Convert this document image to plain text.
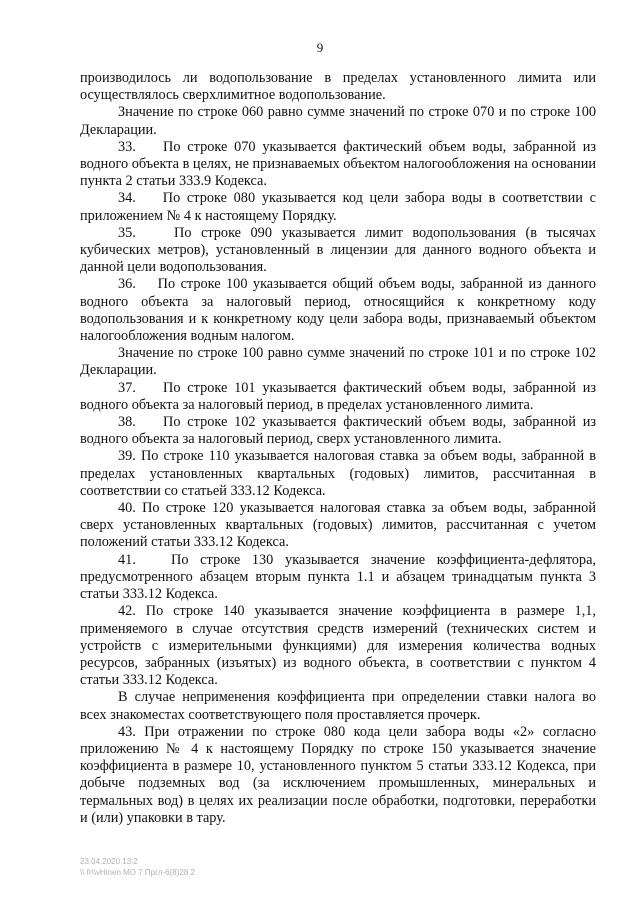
9

производилось ли водопользование в пределах установленного лимита или осуществлялось сверхлимитное водопользование.

Значение по строке 060 равно сумме значений по строке 070 и по строке 100 Декларации.

33.    По строке 070 указывается фактический объем воды, забранной из водного объекта в целях, не признаваемых объектом налогообложения на основании пункта 2 статьи 333.9 Кодекса.

34.    По строке 080 указывается код цели забора воды в соответствии с приложением № 4 к настоящему Порядку.

35.    По строке 090 указывается лимит водопользования (в тысячах кубических метров), установленный в лицензии для данного водного объекта и данной цели водопользования.

36.    По строке 100 указывается общий объем воды, забранной из данного водного объекта за налоговый период, относящийся к конкретному коду водопользования и к конкретному коду цели забора воды, признаваемый объектом налогообложения водным налогом.

Значение по строке 100 равно сумме значений по строке 101 и по строке 102 Декларации.

37.    По строке 101 указывается фактический объем воды, забранной из водного объекта за налоговый период, в пределах установленного лимита.

38.    По строке 102 указывается фактический объем воды, забранной из водного объекта за налоговый период, сверх установленного лимита.

39. По строке 110 указывается налоговая ставка за объем воды, забранной в пределах установленных квартальных (годовых) лимитов, рассчитанная в соответствии со статьей 333.12 Кодекса.

40. По строке 120 указывается налоговая ставка за объем воды, забранной сверх установленных квартальных (годовых) лимитов, рассчитанная с учетом положений статьи 333.12 Кодекса.

41.   По строке 130 указывается значение коэффициента-дефлятора, предусмотренного абзацем вторым пункта 1.1 и абзацем тринадцатым пункта 3 статьи 333.12 Кодекса.

42. По строке 140 указывается значение коэффициента в размере 1,1, применяемого в случае отсутствия средств измерений (технических систем и устройств с измерительными функциями) для измерения количества водных ресурсов, забранных (изъятых) из водного объекта, в соответствии с пунктом 4 статьи 333.12 Кодекса.

В случае неприменения коэффициента при определении ставки налога во всех знакоместах соответствующего поля проставляется прочерк.

43. При отражении по строке 080 кода цели забора воды «2» согласно приложению № 4 к настоящему Порядку по строке 150 указывается значение коэффициента в размере 10, установленного пунктом 5 статьи 333.12 Кодекса, при добыче подземных вод (за исключением промышленных, минеральных и термальных вод) в целях их реализации после обработки, подготовки, переработки и (или) упаковки в тару.

23.04.2020 13:2
\\ fr\\vHinen MO 7 Пргл-6(8)28 2
